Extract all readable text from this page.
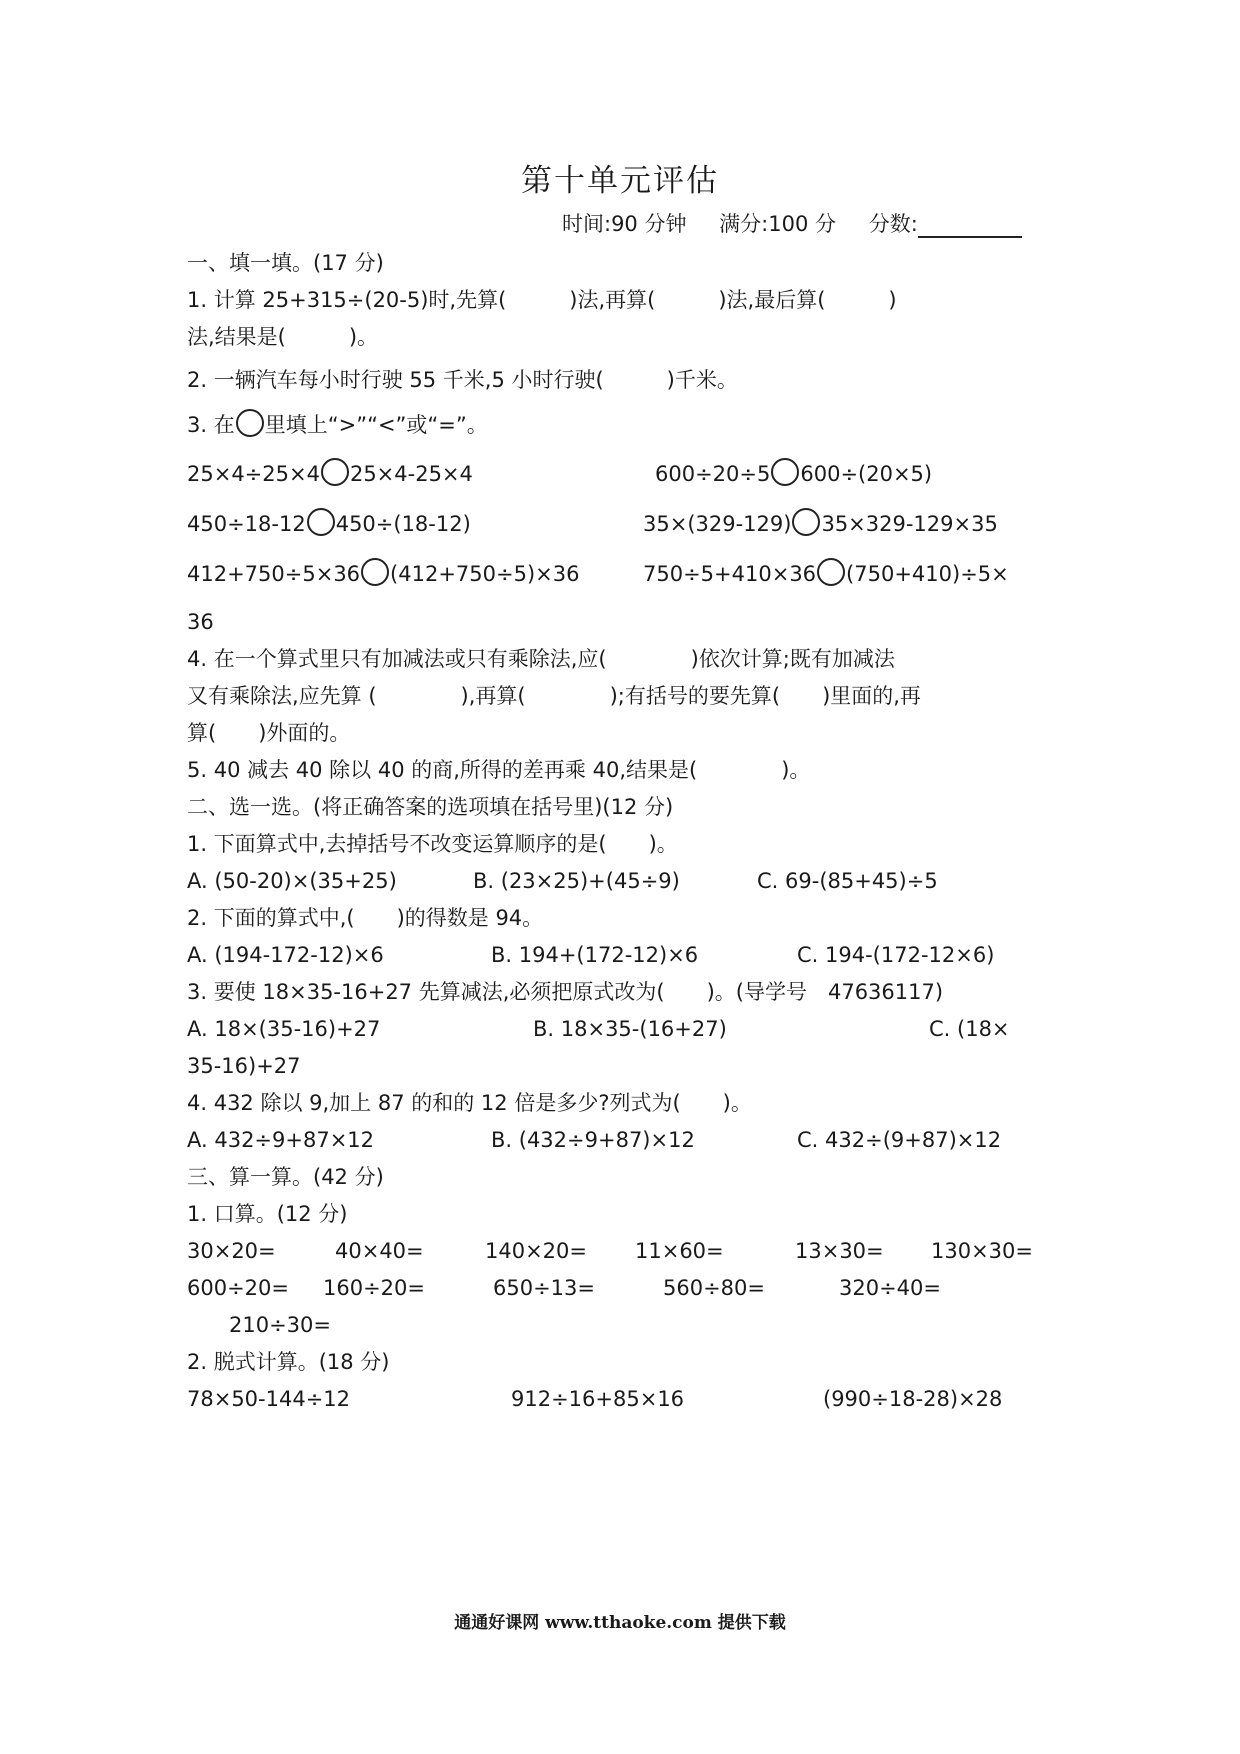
第十单元评估
时间:90 分钟 满分:100 分 分数:
一、填一填。(17 分)
1. 计算 25+315÷(20-5)时,先算(　　　)法,再算(　　　)法,最后算(　　　)
法,结果是(　　　)。
2. 一辆汽车每小时行驶 55 千米,5 小时行驶(　　　)千米。
3. 在 里填上“>”“<”或“=”。
25×4÷25×4 25×4-25×4	600÷20÷5 600÷(20×5)
450÷18-12 450÷(18-12)	35×(329-129) 35×329-129×35
412+750÷5×36 (412+750÷5)×36	750÷5+410×36 (750+410)÷5×
36
4. 在一个算式里只有加减法或只有乘除法,应(　　　　)依次计算;既有加减法
又有乘除法,应先算 (　　　　),再算(　　　　);有括号的要先算(　　)里面的,再
算(　　)外面的。
5. 40 减去 40 除以 40 的商,所得的差再乘 40,结果是(　　　　)。
二、选一选。(将正确答案的选项填在括号里)(12 分)
1. 下面算式中,去掉括号不改变运算顺序的是(　　)。
A. (50-20)×(35+25)	B. (23×25)+(45÷9)	C. 69-(85+45)÷5
2. 下面的算式中,(　　)的得数是 94。
A. (194-172-12)×6	B. 194+(172-12)×6	C. 194-(172-12×6)
3. 要使 18×35-16+27 先算减法,必须把原式改为(　　)。(导学号　47636117)
A. 18×(35-16)+27	B. 18×35-(16+27)	C. (18×
35-16)+27
4. 432 除以 9,加上 87 的和的 12 倍是多少?列式为(　　)。
A. 432÷9+87×12	B. (432÷9+87)×12	C. 432÷(9+87)×12
三、算一算。(42 分)
1. 口算。(12 分)
30×20=	40×40=	140×20= 11×60=	13×30= 130×30=
600÷20= 160÷20=	650÷13=	560÷80=	320÷40=
210÷30=
2. 脱式计算。(18 分)
78×50-144÷12	912÷16+85×16	(990÷18-28)×28
通通好课网 www.tthaoke.com 提供下载
